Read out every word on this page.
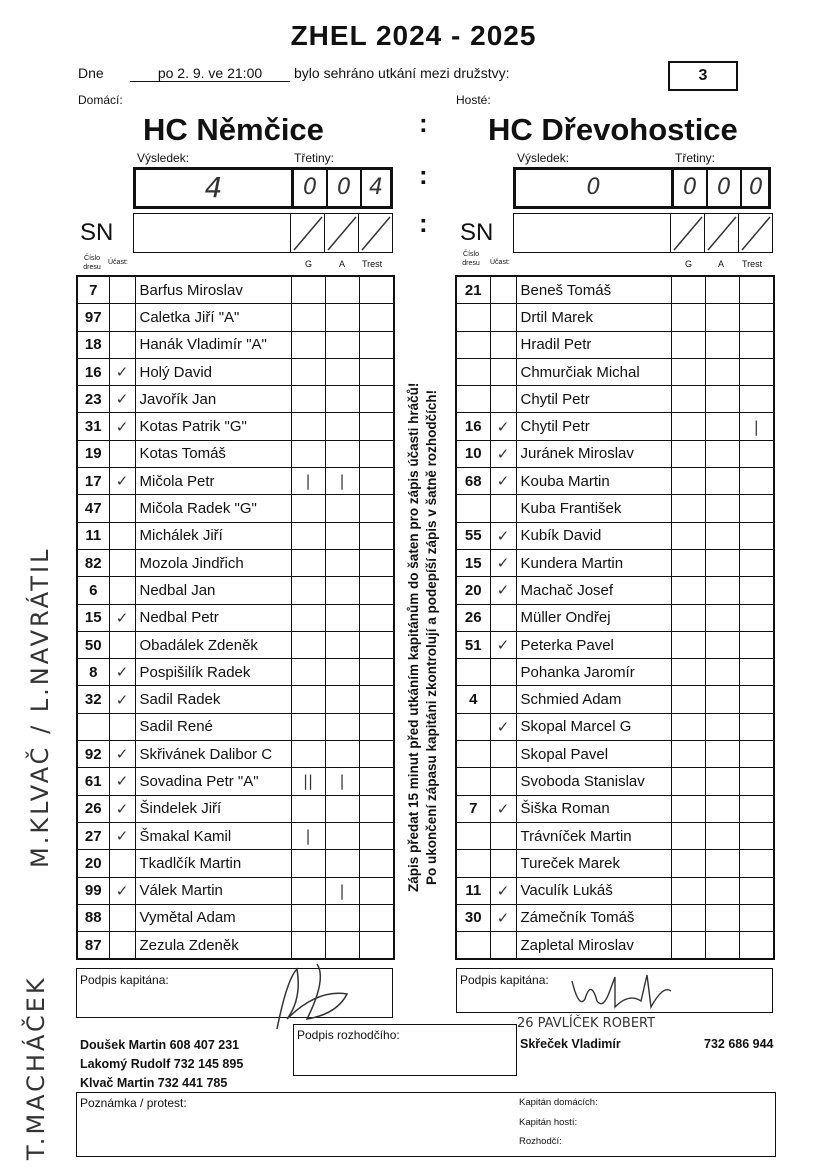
ZHEL 2024 - 2025
Dne	po 2. 9. ve 21:00	bylo sehráno utkání mezi družstvy:	3
Domácí:	Hosté:
HC Němčice	HC Dřevohostice
:
:
:
Výsledek:	Třetiny:	Výsledek:	Třetiny:
4	0 0 4	0	0 0 0
SN	SN
Číslo dresu
Účast:	G	A Trest
Číslo dresu	Účast:	G	A Trest
7		Barfus Miroslav			
97		Caletka Jiří "A"			
18		Hanák Vladimír "A"			
16	✓	Holý David			
23	✓	Javořík Jan			
31	✓	Kotas Patrik "G"			
19		Kotas Tomáš			
17	✓	Mičola Petr	|	|	
47		Mičola Radek "G"			
11		Michálek Jiří			
82		Mozola Jindřich			
6		Nedbal Jan			
15	✓	Nedbal Petr			
50		Obadálek Zdeněk			
8	✓	Pospišilík Radek			
32	✓	Sadil Radek			
		Sadil René			
92	✓	Skřivánek Dalibor C			
61	✓	Sovadina Petr "A"	||	|	
26	✓	Šindelek Jiří			
27	✓	Šmakal Kamil	|		
20		Tkadlčík Martin			
99	✓	Válek Martin		|	
88		Vymětal Adam			
87		Zezula Zdeněk			
21		Beneš Tomáš			
		Drtil Marek			
		Hradil Petr			
		Chmurčiak Michal			
		Chytil Petr			
16	✓	Chytil Petr			|
10	✓	Juránek Miroslav			
68	✓	Kouba Martin			
		Kuba František			
55	✓	Kubík David			
15	✓	Kundera Martin			
20	✓	Machač Josef			
26		Müller Ondřej			
51	✓	Peterka Pavel			
		Pohanka Jaromír			
4		Schmied Adam			
	✓	Skopal Marcel G			
		Skopal Pavel			
		Svoboda Stanislav			
7	✓	Šiška Roman			
		Trávníček Martin			
		Tureček Marek			
11	✓	Vaculík Lukáš			
30	✓	Zámečník Tomáš			
		Zapletal Miroslav			
Zápis předat 15 minut před utkáním kapitánům do šaten pro zápis účasti hráčů! Po ukončení zápasu kapitáni zkontrolují a podepíší zápis v šatně rozhodčích!
M.KLVAČ / L.NAVRÁTIL
T.MACHÁČEK	Podpis kapitána:	Podpis kapitána:
Doušek Martin 608 407 231
Lakomý Rudolf 732 145 895
Klvač Martin 732 441 785
Podpis rozhodčího:
26 PAVLÍČEK ROBERT
Skřeček Vladimír	732 686 944
Poznámka / protest:	Kapitán domácích:
Kapitán hostí:
Rozhodčí:
